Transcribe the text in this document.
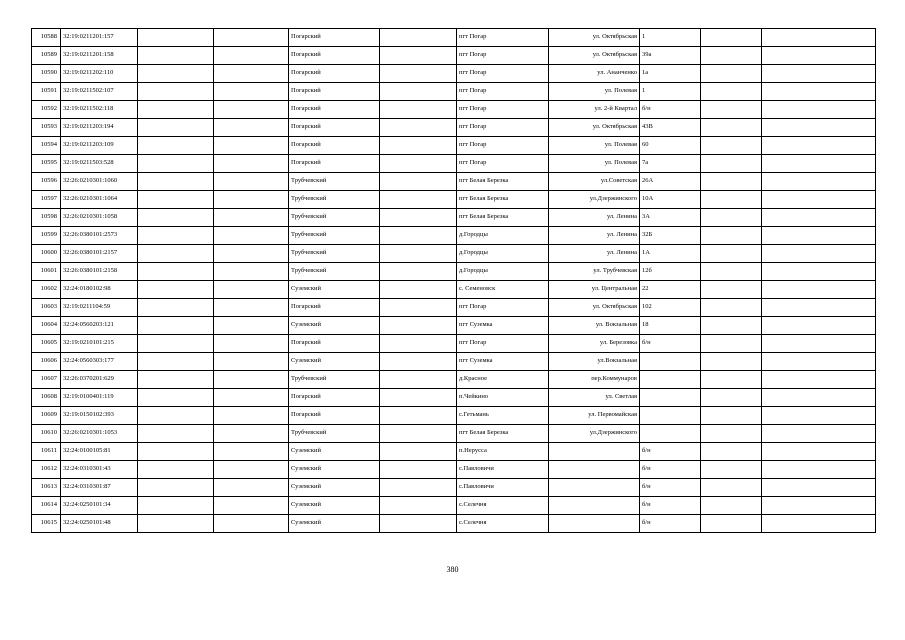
10588	32:19:0211201:157			Погарский		пгт Погар	ул. Октябрьская	1		
10589	32:19:0211201:158			Погарский		пгт Погар	ул. Октябрьская	39а		
10590	32:19:0211202:110			Погарский		пгт Погар	ул. Ананченко	1а		
10591	32:19:0211502:107			Погарский		пгт Погар	ул. Полевая	1		
10592	32:19:0211502:118			Погарский		пгт Погар	ул. 2-й Квартал	б/н		
10593	32:19:0211203:194			Погарский		пгт Погар	ул. Октябрьская	43В		
10594	32:19:0211203:109			Погарский		пгт Погар	ул. Полевая	60		
10595	32:19:0211503:528			Погарский		пгт Погар	ул. Полевая	7а		
10596	32:26:0210301:1060			Трубчевский		пгт Белая Березка	ул.Советская	26А		
10597	32:26:0210301:1064			Трубчевский		пгт Белая Березка	ул.Дзержинского	10А		
10598	32:26:0210301:1058			Трубчевский		пгт Белая Березка	ул. Ленина	3А		
10599	32:26:0380101:2573			Трубчевский		д.Городцы	ул. Ленина	32Б		
10600	32:26:0380101:2157			Трубчевский		д.Городцы	ул. Ленина	1А		
10601	32:26:0380101:2158			Трубчевский		д.Городцы	ул. Трубчевская	12б		
10602	32:24:0180102:98			Суземский		с. Семеновск	ул. Центральная	22		
10603	32:19:0211104:59			Погарский		пгт Погар	ул. Октябрьская	102		
10604	32:24:0560203:121			Суземский		пгт Суземка	ул. Вокзальная	18		
10605	32:19:0210101:215			Погарский		пгт Погар	ул. Березовка	б/н		
10606	32:24:0560303:177			Суземский		пгт Суземка	ул.Вокзальная			
10607	32:26:0370201:629			Трубчевский		д.Красное	пер.Коммунаров			
10608	32:19:0100401:119			Погарский		п.Чейкино	ул. Светлая			
10609	32:19:0150102:393			Погарский		с.Гетьмань	ул. Первомайская			
10610	32:26:0210301:1053			Трубчевский		пгт Белая Березка	ул.Дзержинского			
10611	32:24:0100105:81			Суземский		п.Нерусса		б/н		
10612	32:24:0310301:43			Суземский		с.Павловичи		б/н		
10613	32:24:0310301:87			Суземский		с.Павловичи		б/н		
10614	32:24:0250101:34			Суземский		с.Селечня		б/н		
10615	32:24:0250101:48			Суземский		с.Селечня		б/н		
380
